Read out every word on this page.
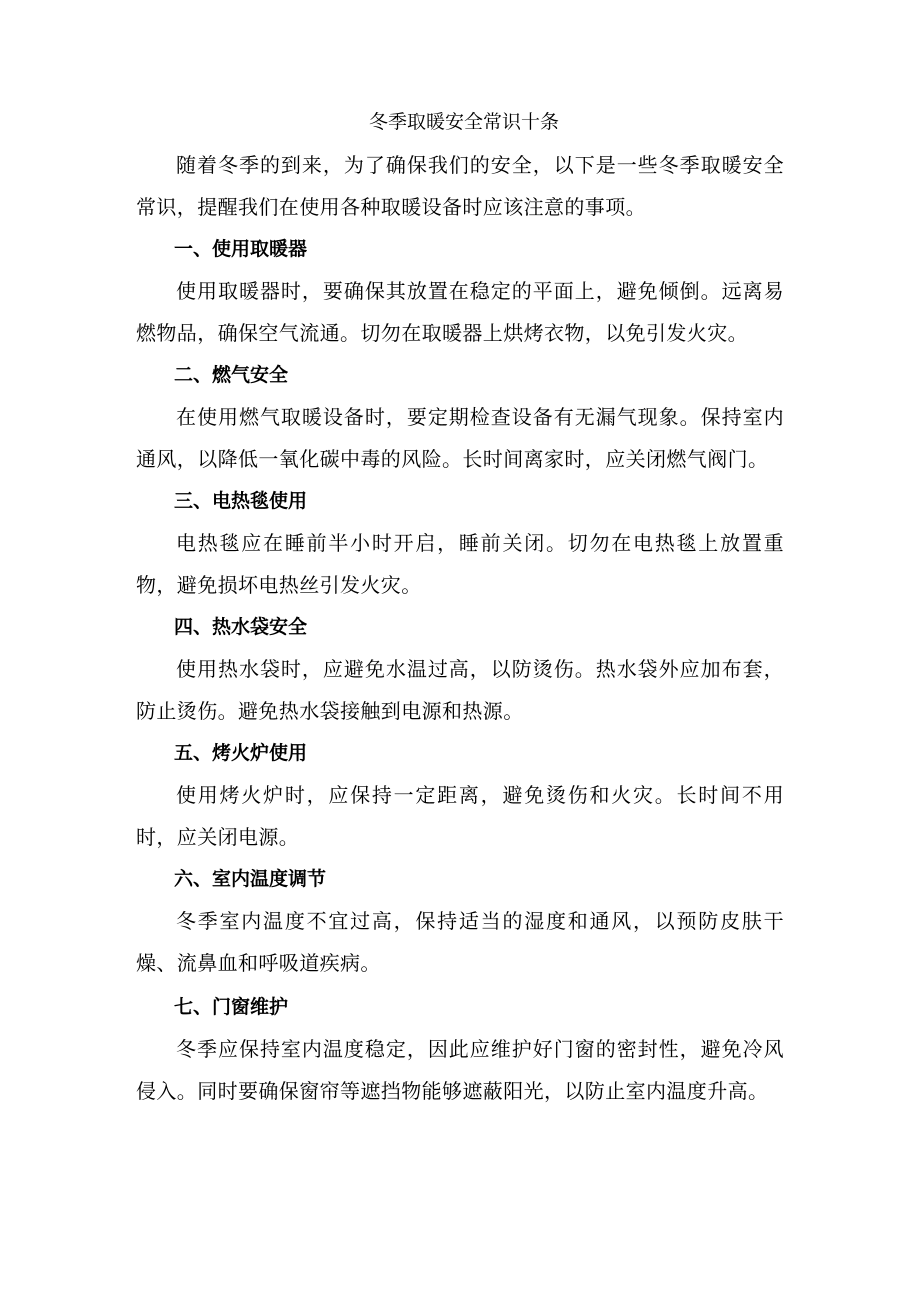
冬季取暖安全常识十条

随着冬季的到来，为了确保我们的安全，以下是一些冬季取暖安全常识，提醒我们在使用各种取暖设备时应该注意的事项。

一、使用取暖器

使用取暖器时，要确保其放置在稳定的平面上，避免倾倒。远离易燃物品，确保空气流通。切勿在取暖器上烘烤衣物，以免引发火灾。

二、燃气安全

在使用燃气取暖设备时，要定期检查设备有无漏气现象。保持室内通风，以降低一氧化碳中毒的风险。长时间离家时，应关闭燃气阀门。

三、电热毯使用

电热毯应在睡前半小时开启，睡前关闭。切勿在电热毯上放置重物，避免损坏电热丝引发火灾。

四、热水袋安全

使用热水袋时，应避免水温过高，以防烫伤。热水袋外应加布套，防止烫伤。避免热水袋接触到电源和热源。

五、烤火炉使用

使用烤火炉时，应保持一定距离，避免烫伤和火灾。长时间不用时，应关闭电源。

六、室内温度调节

冬季室内温度不宜过高，保持适当的湿度和通风，以预防皮肤干燥、流鼻血和呼吸道疾病。

七、门窗维护

冬季应保持室内温度稳定，因此应维护好门窗的密封性，避免冷风侵入。同时要确保窗帘等遮挡物能够遮蔽阳光，以防止室内温度升高。
